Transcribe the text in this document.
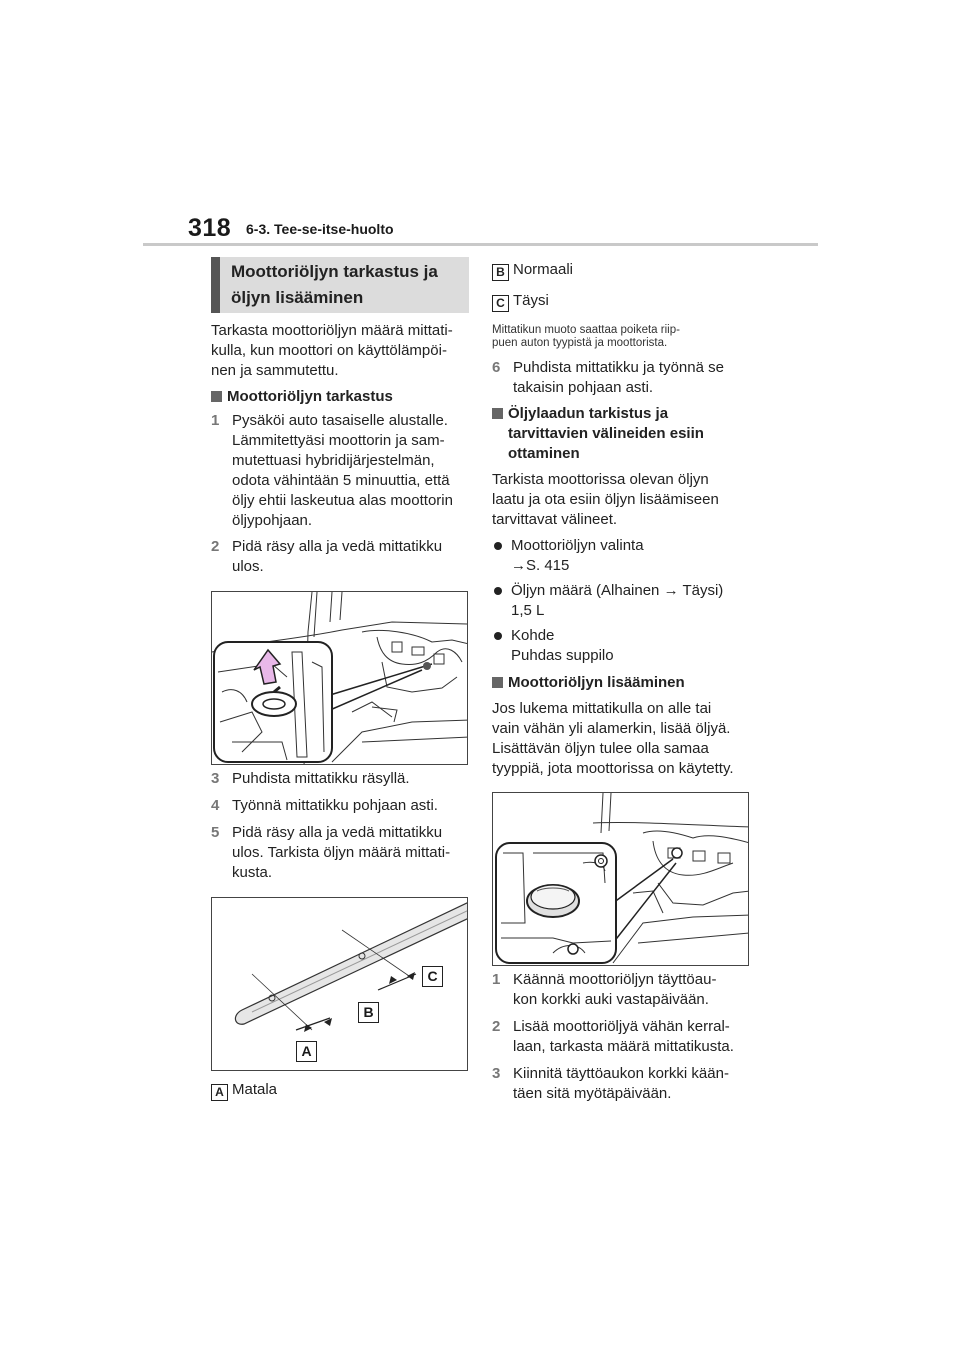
318 6-3. Tee-se-itse-huolto
Moottoriöljyn tarkastus ja
öljyn lisääminen
Tarkasta moottoriöljyn määrä mittati-
kulla, kun moottori on käyttölämpöi-
nen ja sammutettu.
Moottoriöljyn tarkastus
1 Pysäköi auto tasaiselle alustalle.
Lämmitettyäsi moottorin ja sam-
mutettuasi hybridijärjestelmän,
odota vähintään 5 minuuttia, että
öljy ehtii laskeutua alas moottorin
öljypohjaan.
2 Pidä räsy alla ja vedä mittatikku
ulos.
3 Puhdista mittatikku räsyllä.
4 Työnnä mittatikku pohjaan asti.
5 Pidä räsy alla ja vedä mittatikku
ulos. Tarkista öljyn määrä mittati-
kusta.
A
B
C
A Matala
B Normaali
C Täysi
Mittatikun muoto saattaa poiketa riip-
puen auton tyypistä ja moottorista.
6 Puhdista mittatikku ja työnnä se
takaisin pohjaan asti.
Öljylaadun tarkistus ja
tarvittavien välineiden esiin
ottaminen
Tarkista moottorissa olevan öljyn
laatu ja ota esiin öljyn lisäämiseen
tarvittavat välineet.
Moottoriöljyn valinta
→S. 415
Öljyn määrä (Alhainen → Täysi)
1,5 L
Kohde
Puhdas suppilo
Moottoriöljyn lisääminen
Jos lukema mittatikulla on alle tai
vain vähän yli alamerkin, lisää öljyä.
Lisättävän öljyn tulee olla samaa
tyyppiä, jota moottorissa on käytetty.
1 Käännä moottoriöljyn täyttöau-
kon korkki auki vastapäivään.
2 Lisää moottoriöljyä vähän kerral-
laan, tarkasta määrä mittatikusta.
3 Kiinnitä täyttöaukon korkki kään-
täen sitä myötäpäivään.
